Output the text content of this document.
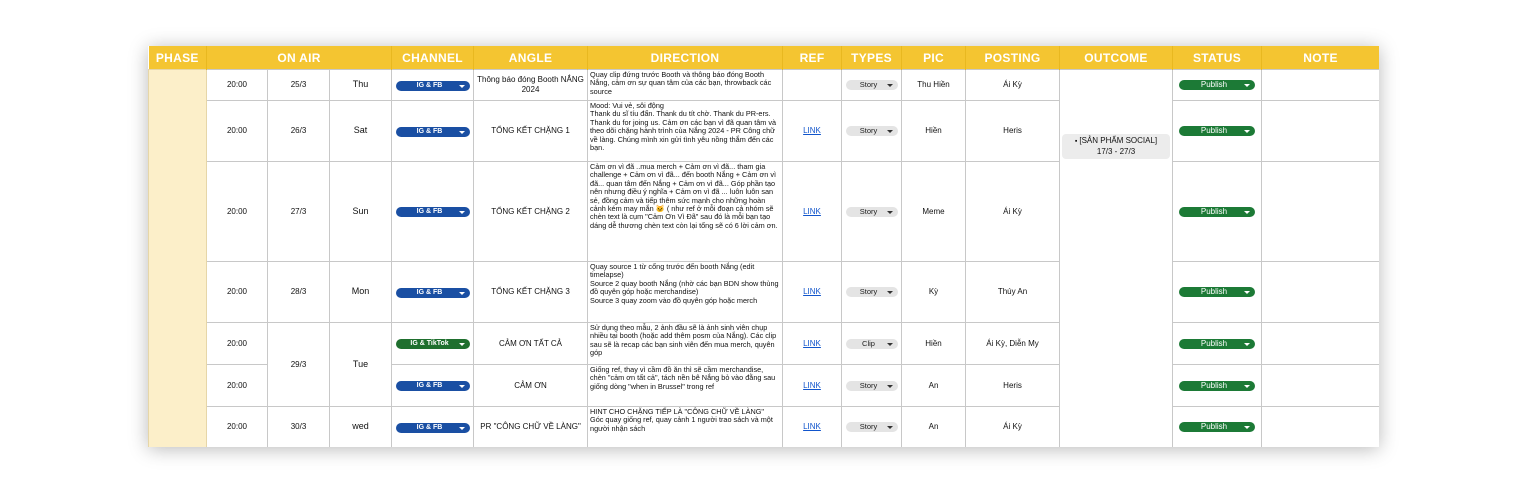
PHASE	ON AIR			CHANNEL	ANGLE	DIRECTION	REF	TYPES	PIC	POSTING	OUTCOME	STATUS	NOTE
	20:00	25/3	Thu	IG & FB	Thông báo đóng Booth NẮNG 2024	Quay clip đứng trước Booth và thông báo đóng Booth Nắng, cảm ơn sự quan tâm của các bạn, throwback các source		Story	Thu Hiền	Ái Kỳ	▪ [SẢN PHẨM SOCIAL] 17/3 - 27/3	Publish	
	20:00	26/3	Sat	IG & FB	TỔNG KẾT CHẶNG 1	Mood: Vui vẻ, sôi động
Thank du sĩ tíu đẩn. Thank du tít chờ. Thank du PR-ers. Thank du for joing us. Cảm ơn các bạn vì đã quan tâm và theo dõi chặng hành trình của Nắng 2024 - PR Công chữ về làng. Chúng mình xin gửi tình yêu nồng thắm đến các bạn.	LINK	Story	Hiền	Heris		Publish	
	20:00	27/3	Sun	IG & FB	TỔNG KẾT CHẶNG 2	Cảm ơn vì đã ..mua merch + Cảm ơn vì đã... tham gia challenge + Cảm ơn vì đã... đến booth Nắng + Cảm ơn vì đã... quan tâm đến Nắng + Cảm ơn vì đã... Góp phần tạo nên nhưng điều ý nghĩa + Cảm ơn vì đã ... luôn luôn san sẻ, đồng cảm và tiếp thêm sức mạnh cho những hoàn cảnh kém may mắn 🐱 ( như ref ở mỗi đoạn cả nhóm sẽ chèn text là cụm "Cảm Ơn Vì Đã" sau đó là mỗi bạn tạo dáng dễ thương chèn text còn lại tổng sẽ có 6 lời cảm ơn.	LINK	Story	Meme	Ái Kỳ		Publish	
	20:00	28/3	Mon	IG & FB	TỔNG KẾT CHẶNG 3	Quay source 1 từ cổng trước đến booth Nắng (edit timelapse)
Source 2 quay booth Nắng (nhờ các bạn BDN show thùng đồ quyên góp hoặc merchandise)
Source 3 quay zoom vào đồ quyên góp hoặc merch	LINK	Story	Kỳ	Thúy An		Publish	
	20:00	29/3	Tue	IG & TikTok	CẢM ƠN TẤT CẢ	Sử dụng theo mẫu, 2 ảnh đầu sẽ là ảnh sinh viên chụp nhiều tại booth (hoặc add thêm posm của Nắng). Các clip sau sẽ là recap các bạn sinh viên đến mua merch, quyên góp	LINK	Clip	Hiền	Ái Kỳ, Diễn My		Publish	
	20:00			IG & FB	CẢM ƠN	Giống ref, thay vì cầm đồ ăn thì sẽ cầm merchandise, chèn "cảm ơn tất cả", tách nền bê Nắng bỏ vào đằng sau giống dòng "when in Brussel" trong ref	LINK	Story	An	Heris		Publish	
	20:00	30/3	wed	IG & FB	PR "CÔNG CHỮ VỀ LÀNG"	HINT CHO CHẶNG TIẾP LÀ "CÔNG CHỮ VỀ LÀNG"
Góc quay giống ref, quay cảnh 1 người trao sách và một người nhận sách	LINK	Story	An	Ái Kỳ		Publish	
